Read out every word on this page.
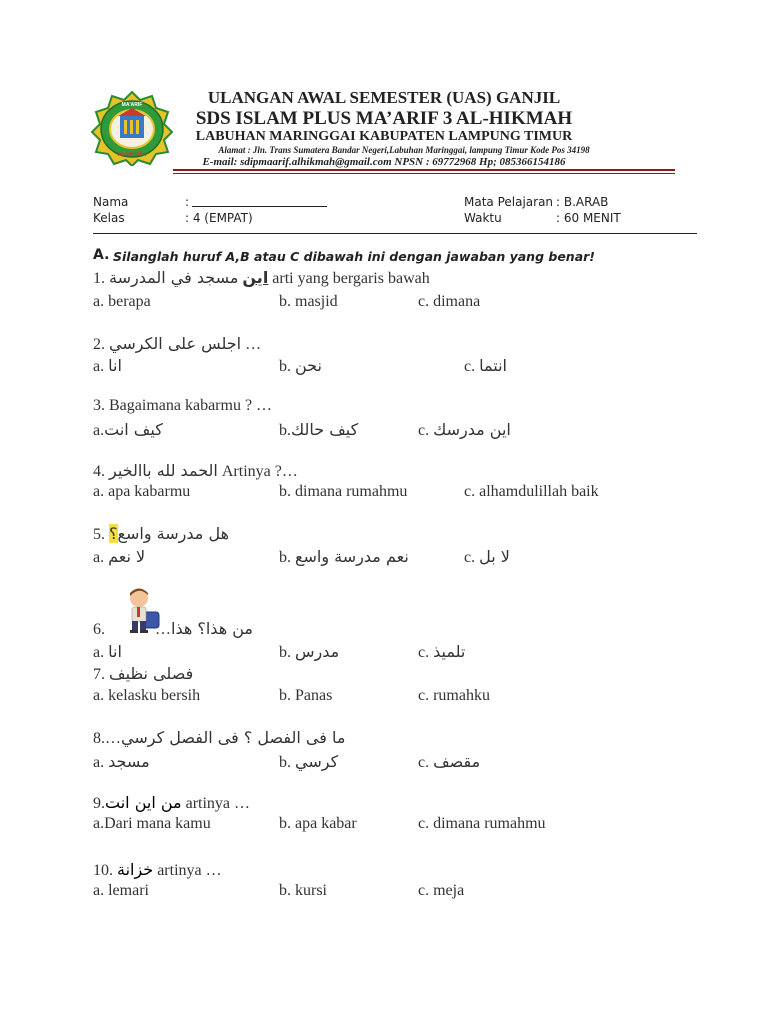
MA'ARIF
AL-HIKMAH
ULANGAN AWAL SEMESTER (UAS) GANJIL
SDS ISLAM PLUS MA’ARIF 3 AL-HIKMAH
LABUHAN MARINGGAI KABUPATEN LAMPUNG TIMUR
Alamat : Jln. Trans Sumatera Bandar Negeri,Labuhan Maringgai, lampung Timur Kode Pos 34198
E-mail: sdipmaarif.alhikmah@gmail.com NPSN : 69772968 Hp; 085366154186
Nama	:
Kelas	: 4 (EMPAT)
Mata Pelajaran : B.ARAB
Waktu	: 60 MENIT
A. Silanglah huruf A,B atau C dibawah ini dengan jawaban yang benar!
1. مسجد في المدرسة اين arti yang bergaris bawah
a. berapa	b. masjid	c. dimana
2. اجلس على الكرسي …
a. انا	b. نحن	c. انتما
3. Bagaimana kabarmu ? …
a.كيف انت	b.كيف حالك	c. اين مدرسك
4. الحمد لله باالخير Artinya ?…
a. apa kabarmu	b. dimana rumahmu	c. alhamdulillah baik
5. هل مدرسة واسع؟
a. لا نعم	b. نعم مدرسة واسع	c. لا بل
6.	…من هذا؟ هذا
a. انا	b. مدرس	c. تلميذ
7. فصلى نظيف
a. kelasku bersih	b. Panas	c. rumahku
8.…ما فى الفصل ؟ فى الفصل كرسي
a. مسجد	b. كرسي	c. مقصف
9.من اين انت artinya …
a.Dari mana kamu	b. apa kabar	c. dimana rumahmu
10. خزانة artinya …
a. lemari	b. kursi	c. meja
